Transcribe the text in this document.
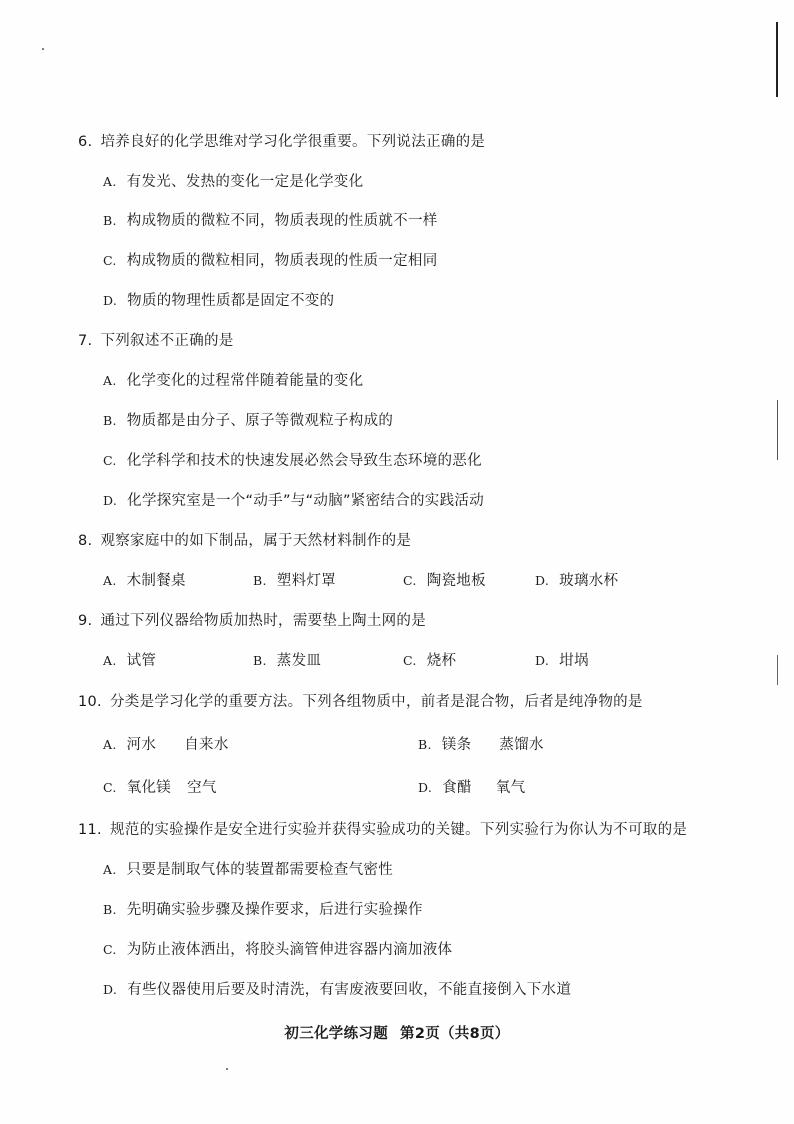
6. 培养良好的化学思维对学习化学很重要。下列说法正确的是
A. 有发光、发热的变化一定是化学变化
B. 构成物质的微粒不同，物质表现的性质就不一样
C. 构成物质的微粒相同，物质表现的性质一定相同
D. 物质的物理性质都是固定不变的
7. 下列叙述不正确的是
A. 化学变化的过程常伴随着能量的变化
B. 物质都是由分子、原子等微观粒子构成的
C. 化学科学和技术的快速发展必然会导致生态环境的恶化
D. 化学探究室是一个“动手”与“动脑”紧密结合的实践活动
8. 观察家庭中的如下制品，属于天然材料制作的是
A. 木制餐桌	B. 塑料灯罩	C. 陶瓷地板	D. 玻璃水杯
9. 通过下列仪器给物质加热时，需要垫上陶土网的是
A. 试管	B. 蒸发皿	C. 烧杯	D. 坩埚
10. 分类是学习化学的重要方法。下列各组物质中，前者是混合物，后者是纯净物的是
A. 河水 自来水	B. 镁条 蒸馏水
C. 氧化镁 空气	D. 食醋 氧气
11. 规范的实验操作是安全进行实验并获得实验成功的关键。下列实验行为你认为不可取的是
A. 只要是制取气体的装置都需要检查气密性
B. 先明确实验步骤及操作要求，后进行实验操作
C. 为防止液体洒出，将胶头滴管伸进容器内滴加液体
D. 有些仪器使用后要及时清洗，有害废液要回收，不能直接倒入下水道
初三化学练习题 第2页（共8页）
